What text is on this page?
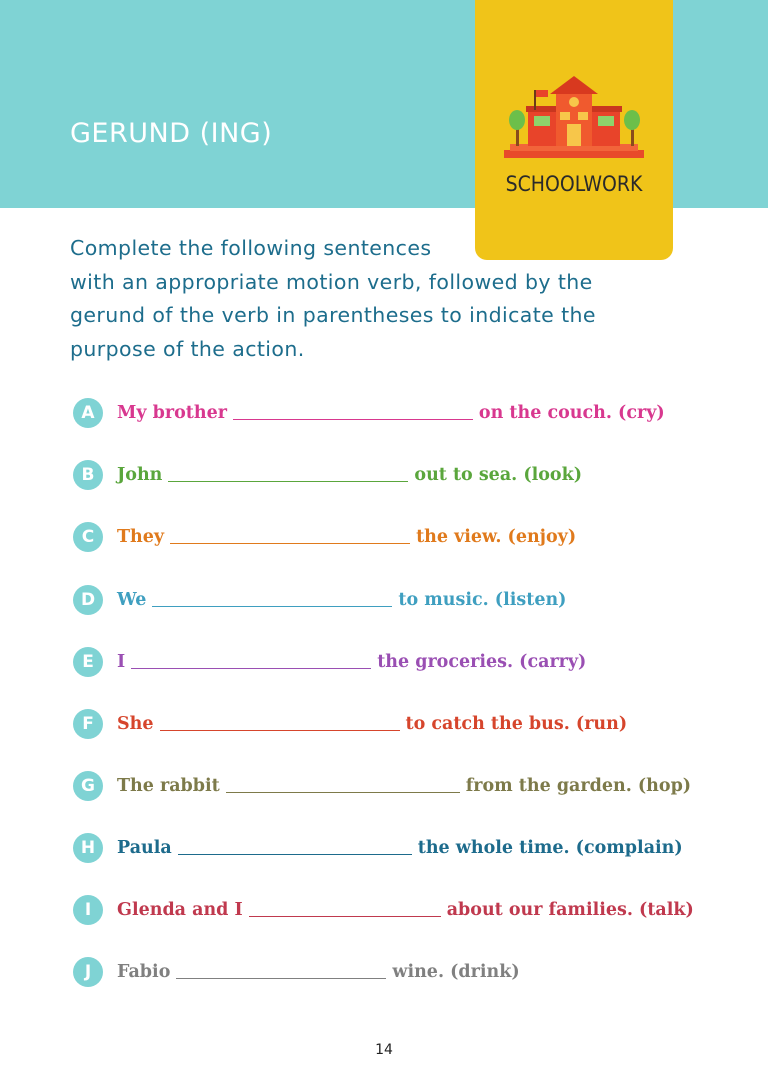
GERUND (ING)
SCHOOLWORK
Complete the following sentences
with an appropriate motion verb, followed by the
gerund of the verb in parentheses to indicate the
purpose of the action.
A	My brother	on the couch. (cry)
B	John	out to sea. (look)
C	They	the view. (enjoy)
D	We	to music. (listen)
E	I	the groceries. (carry)
F	She	to catch the bus. (run)
G	The rabbit	from the garden. (hop)
H	Paula	the whole time. (complain)
I	Glenda and I	about our families. (talk)
J	Fabio	wine. (drink)
14
